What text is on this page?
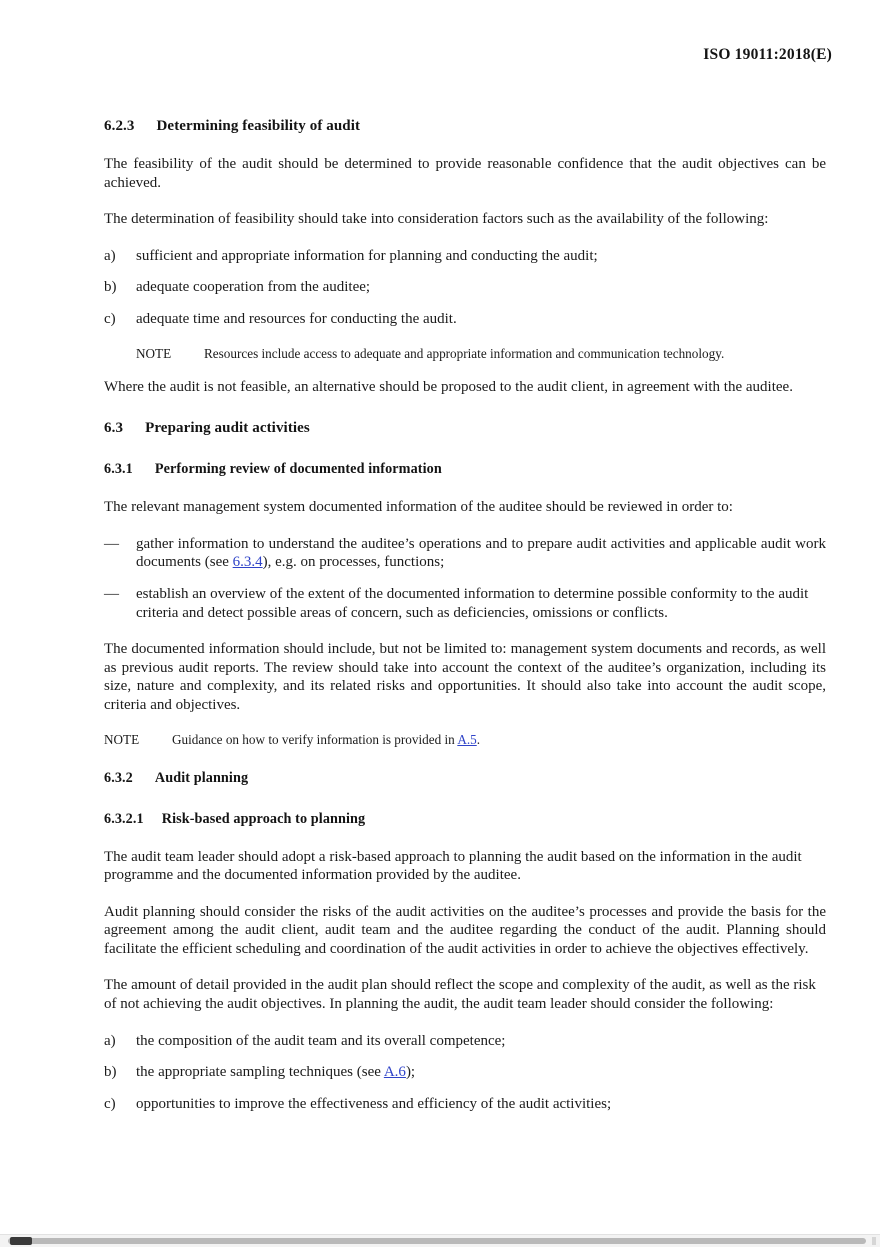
ISO 19011:2018(E)
6.2.3 Determining feasibility of audit

The feasibility of the audit should be determined to provide reasonable confidence that the audit objectives can be achieved.

The determination of feasibility should take into consideration factors such as the availability of the following:

a) sufficient and appropriate information for planning and conducting the audit;
b) adequate cooperation from the auditee;
c) adequate time and resources for conducting the audit.
NOTE Resources include access to adequate and appropriate information and communication technology.

Where the audit is not feasible, an alternative should be proposed to the audit client, in agreement with the auditee.

6.3 Preparing audit activities
6.3.1 Performing review of documented information

The relevant management system documented information of the auditee should be reviewed in order to:

— gather information to understand the auditee’s operations and to prepare audit activities and applicable audit work documents (see 6.3.4), e.g. on processes, functions;
— establish an overview of the extent of the documented information to determine possible conformity to the audit criteria and detect possible areas of concern, such as deficiencies, omissions or conflicts.

The documented information should include, but not be limited to: management system documents and records, as well as previous audit reports. The review should take into account the context of the auditee’s organization, including its size, nature and complexity, and its related risks and opportunities. It should also take into account the audit scope, criteria and objectives.

NOTE Guidance on how to verify information is provided in A.5.
6.3.2 Audit planning
6.3.2.1 Risk-based approach to planning

The audit team leader should adopt a risk-based approach to planning the audit based on the information in the audit programme and the documented information provided by the auditee.

Audit planning should consider the risks of the audit activities on the auditee’s processes and provide the basis for the agreement among the audit client, audit team and the auditee regarding the conduct of the audit. Planning should facilitate the efficient scheduling and coordination of the audit activities in order to achieve the objectives effectively.

The amount of detail provided in the audit plan should reflect the scope and complexity of the audit, as well as the risk of not achieving the audit objectives. In planning the audit, the audit team leader should consider the following:

a) the composition of the audit team and its overall competence;
b) the appropriate sampling techniques (see A.6);
c) opportunities to improve the effectiveness and efficiency of the audit activities;
